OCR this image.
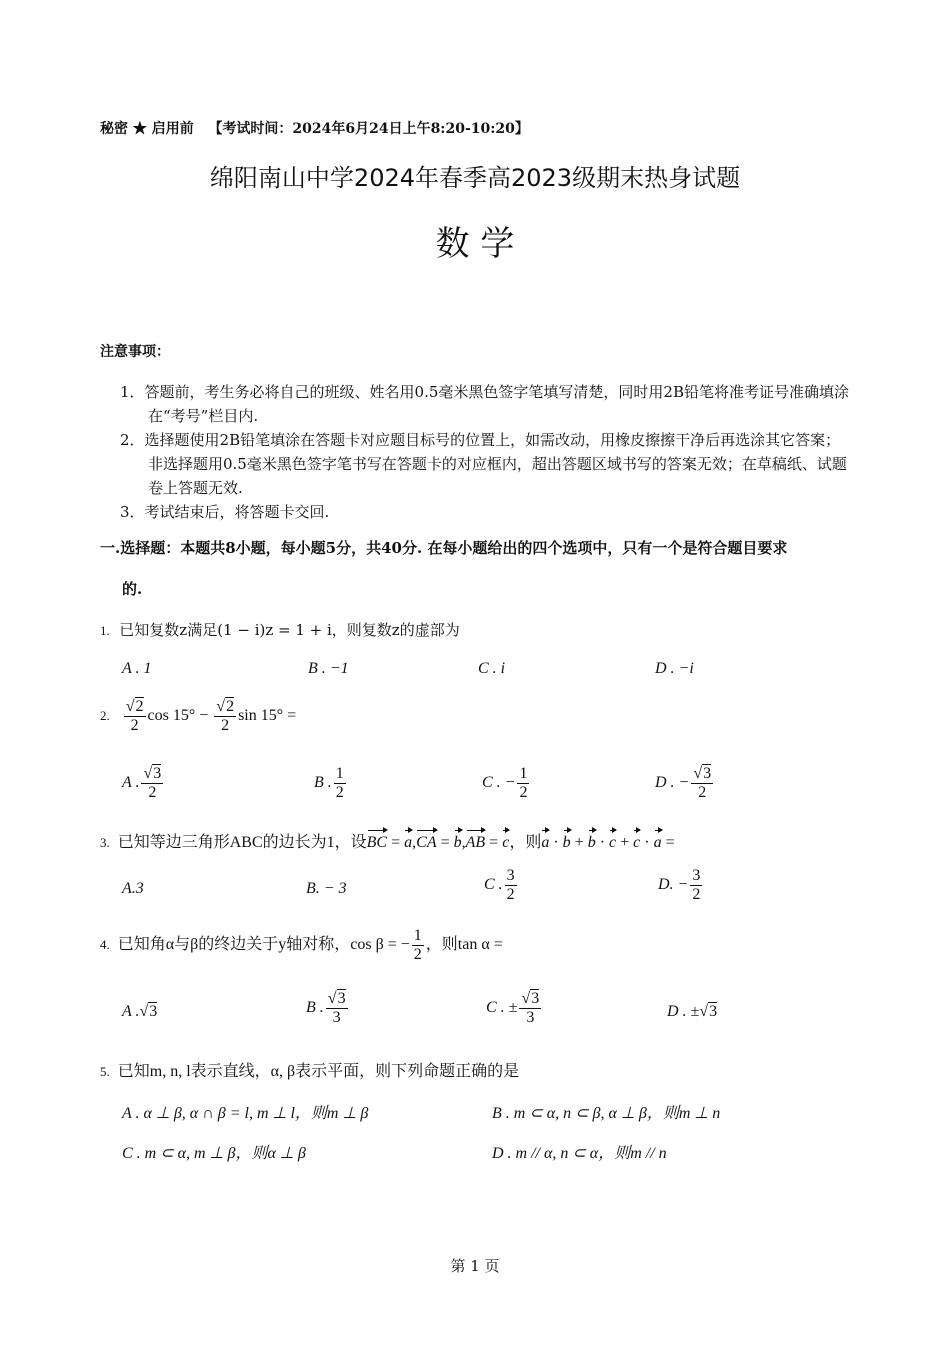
秘密 ★ 启用前 【考试时间：2024年6月24日上午8:20-10:20】
绵阳南山中学2024年春季高2023级期末热身试题
数 学
注意事项：
1．答题前，考生务必将自己的班级、姓名用0.5毫米黑色签字笔填写清楚，同时用2B铅笔将准考证号准确填涂在“考号”栏目内.
2．选择题使用2B铅笔填涂在答题卡对应题目标号的位置上，如需改动，用橡皮擦擦干净后再选涂其它答案；非选择题用0.5毫米黑色签字笔书写在答题卡的对应框内，超出答题区域书写的答案无效；在草稿纸、试题卷上答题无效.
3．考试结束后，将答题卡交回.
一.选择题：本题共8小题，每小题5分，共40分. 在每小题给出的四个选项中，只有一个是符合题目要求
的.
1. 已知复数z满足(1 − i)z = 1 + i，则复数z的虚部为
A . 1	B . −1	C . i	D . −i
2. $\frac{√2}{2}$ $\cos 15^\circ - \frac{√2}{2}$ sin 15° =
A . $\frac{√3}{2}$	B . $\frac{1}{2}$	C . − $\frac{1}{2}$	D . − $\frac{√3}{2}$
3. 已知等边三角形ABC的边长为1，设BC = a,CA = b,AB = c，则a · b + b · c + c · a =
A.3	B. − 3	C . $\frac{3}{2}$	D. − $\frac{3}{2}$
4. 已知角α与β的终边关于y轴对称，cos β = − $\frac{1}{2}$ ，则tan α =
A .√3	B . $\frac{√3}{3}$	C . ± $\frac{√3}{3}$	D . ±√3
5. 已知m, n, l表示直线，α, β表示平面，则下列命题正确的是
A . α ⊥ β, α ∩ β = l, m ⊥ l，则m ⊥ β	B . m ⊂ α, n ⊂ β, α ⊥ β，则m ⊥ n
C . m ⊂ α, m ⊥ β，则α ⊥ β	D . m // α, n ⊂ α，则m // n
第 1 页
